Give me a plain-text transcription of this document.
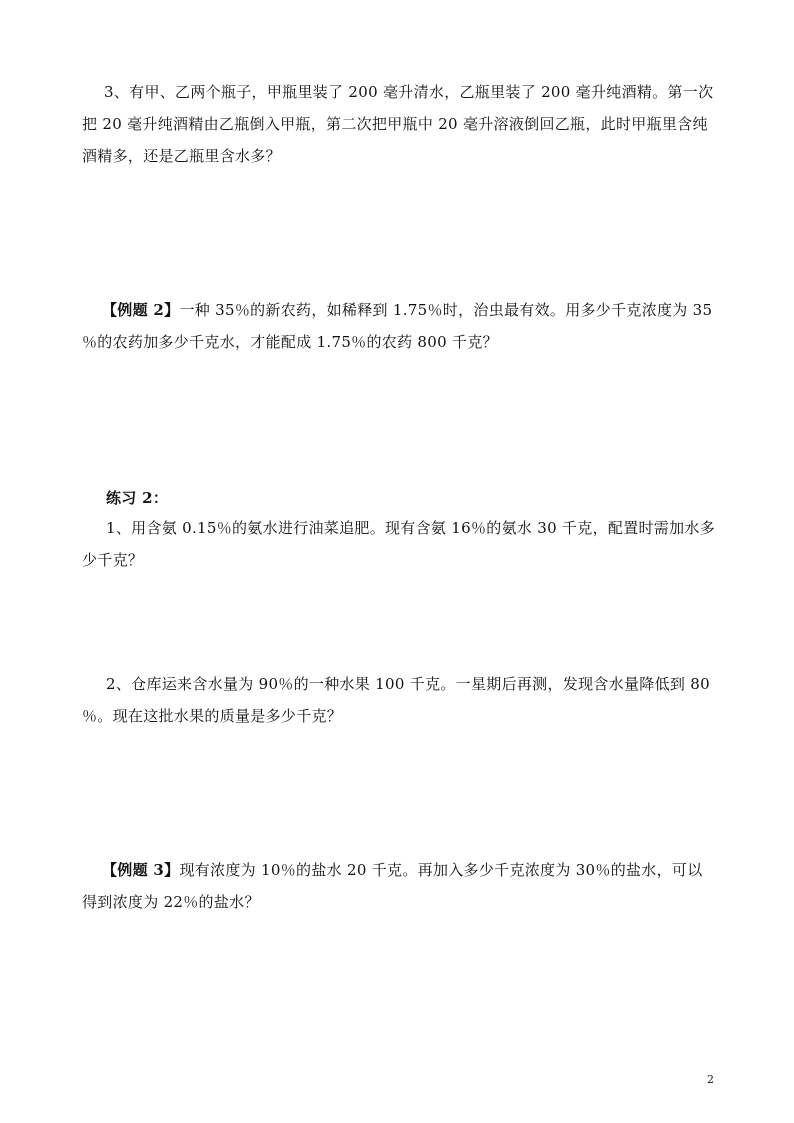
3、有甲、乙两个瓶子，甲瓶里装了 200 毫升清水，乙瓶里装了 200 毫升纯酒精。第一次
把 20 毫升纯酒精由乙瓶倒入甲瓶，第二次把甲瓶中 20 毫升溶液倒回乙瓶，此时甲瓶里含纯
酒精多，还是乙瓶里含水多？
【例题 2】一种 35％的新农药，如稀释到 1.75％时，治虫最有效。用多少千克浓度为 35
％的农药加多少千克水，才能配成 1.75％的农药 800 千克？
练习 2：
1、用含氨 0.15％的氨水进行油菜追肥。现有含氨 16％的氨水 30 千克，配置时需加水多
少千克？
2、仓库运来含水量为 90％的一种水果 100 千克。一星期后再测，发现含水量降低到 80
％。现在这批水果的质量是多少千克？
【例题 3】现有浓度为 10％的盐水 20 千克。再加入多少千克浓度为 30％的盐水，可以
得到浓度为 22％的盐水？
2
